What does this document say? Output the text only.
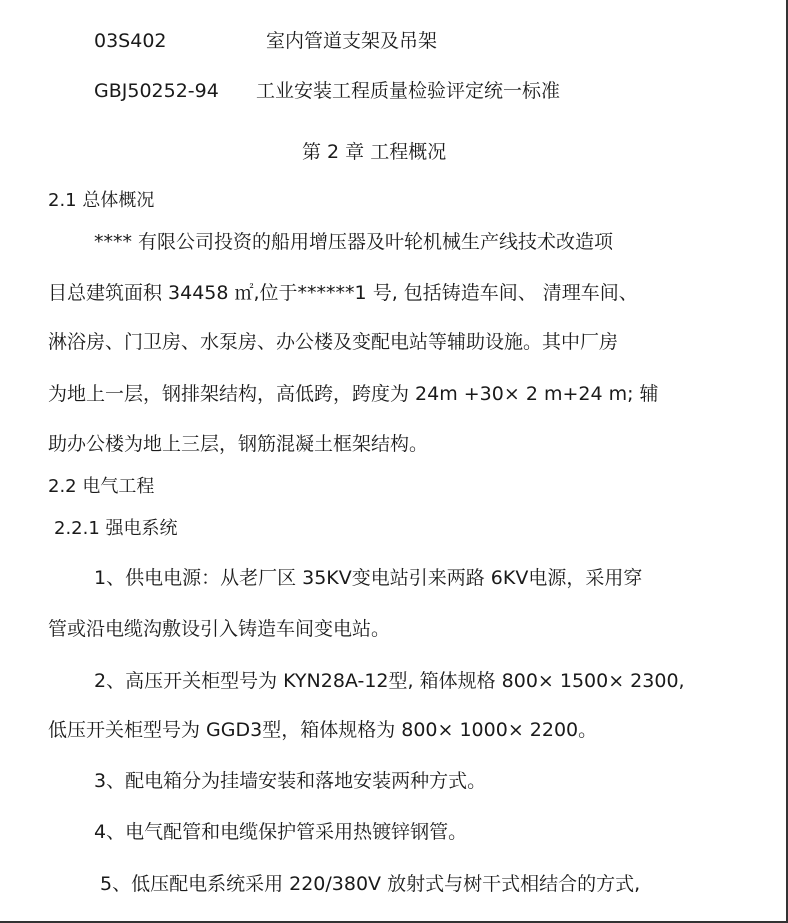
03S402	室内管道支架及吊架
GBJ50252-94 工业安装工程质量检验评定统一标准
第 2 章 工程概况
2.1 总体概况
**** 有限公司投资的船用增压器及叶轮机械生产线技术改造项
目总建筑面积 34458 ㎡,位于******1 号, 包括铸造车间、 清理车间、
淋浴房、门卫房、水泵房、办公楼及变配电站等辅助设施。其中厂房
为地上一层，钢排架结构，高低跨，跨度为 24m +30× 2 m+24 m; 辅
助办公楼为地上三层，钢筋混凝土框架结构。
2.2 电气工程
2.2.1 强电系统
1、供电电源：从老厂区 35KV变电站引来两路 6KV电源，采用穿
管或沿电缆沟敷设引入铸造车间变电站。
2、高压开关柜型号为 KYN28A-12型, 箱体规格 800× 1500× 2300,
低压开关柜型号为 GGD3型，箱体规格为 800× 1000× 2200。
3、配电箱分为挂墙安装和落地安装两种方式。
4、电气配管和电缆保护管采用热镀锌钢管。
5、低压配电系统采用 220/380V 放射式与树干式相结合的方式,
